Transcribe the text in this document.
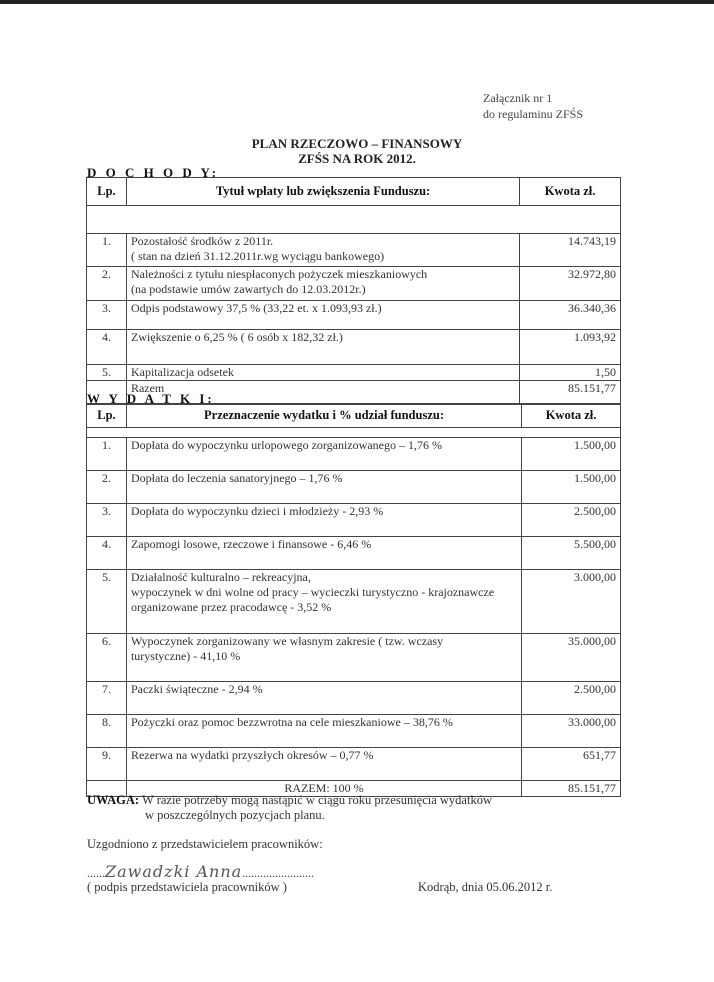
Załącznik nr 1
do regulaminu ZFŚS
PLAN RZECZOWO – FINANSOWY
ZFŚS NA ROK 2012.
D O C H O D Y:
Lp.	Tytuł wpłaty lub zwiększenia Funduszu:	Kwota zł.

1.	Pozostałość środków z 2011r.
( stan na dzień 31.12.2011r.wg wyciągu bankowego)	14.743,19
2.	Należności z tytułu niespłaconych pożyczek mieszkaniowych
(na podstawie umów zawartych do 12.03.2012r.)	32.972,80
3.	Odpis podstawowy 37,5 % (33,22 et. x 1.093,93 zł.)	36.340,36
4.	Zwiększenie o 6,25 % ( 6 osób x 182,32 zł.)	1.093,92
5.	Kapitalizacja odsetek	1,50
	Razem	85.151,77
W Y D A T K I:
Lp.	Przeznaczenie wydatku i % udział funduszu:	Kwota zł.

1.	Dopłata do wypoczynku urlopowego zorganizowanego – 1,76 %	1.500,00
2.	Dopłata do leczenia sanatoryjnego – 1,76 %	1.500,00
3.	Dopłata do wypoczynku dzieci i młodzieży - 2,93 %	2.500,00
4.	Zapomogi losowe, rzeczowe i finansowe - 6,46 %	5.500,00
5.	Działalność kulturalno – rekreacyjna,
wypoczynek w dni wolne od pracy – wycieczki turystyczno - krajoznawcze
organizowane przez pracodawcę - 3,52 %	3.000,00
6.	Wypoczynek zorganizowany we własnym zakresie ( tzw. wczasy
turystyczne) - 41,10 %	35.000,00
7.	Paczki świąteczne - 2,94 %	2.500,00
8.	Pożyczki oraz pomoc bezzwrotna na cele mieszkaniowe – 38,76 %	33.000,00
9.	Rezerwa na wydatki przyszłych okresów – 0,77 %	651,77
	RAZEM: 100 %	85.151,77
UWAGA: W razie potrzeby mogą nastąpić w ciągu roku przesunięcia wydatków
w poszczególnych pozycjach planu.
Uzgodniono z przedstawicielem pracowników:
......Zawadzki Anna........................
( podpis przedstawiciela pracowników )	Kodrąb, dnia 05.06.2012 r.
